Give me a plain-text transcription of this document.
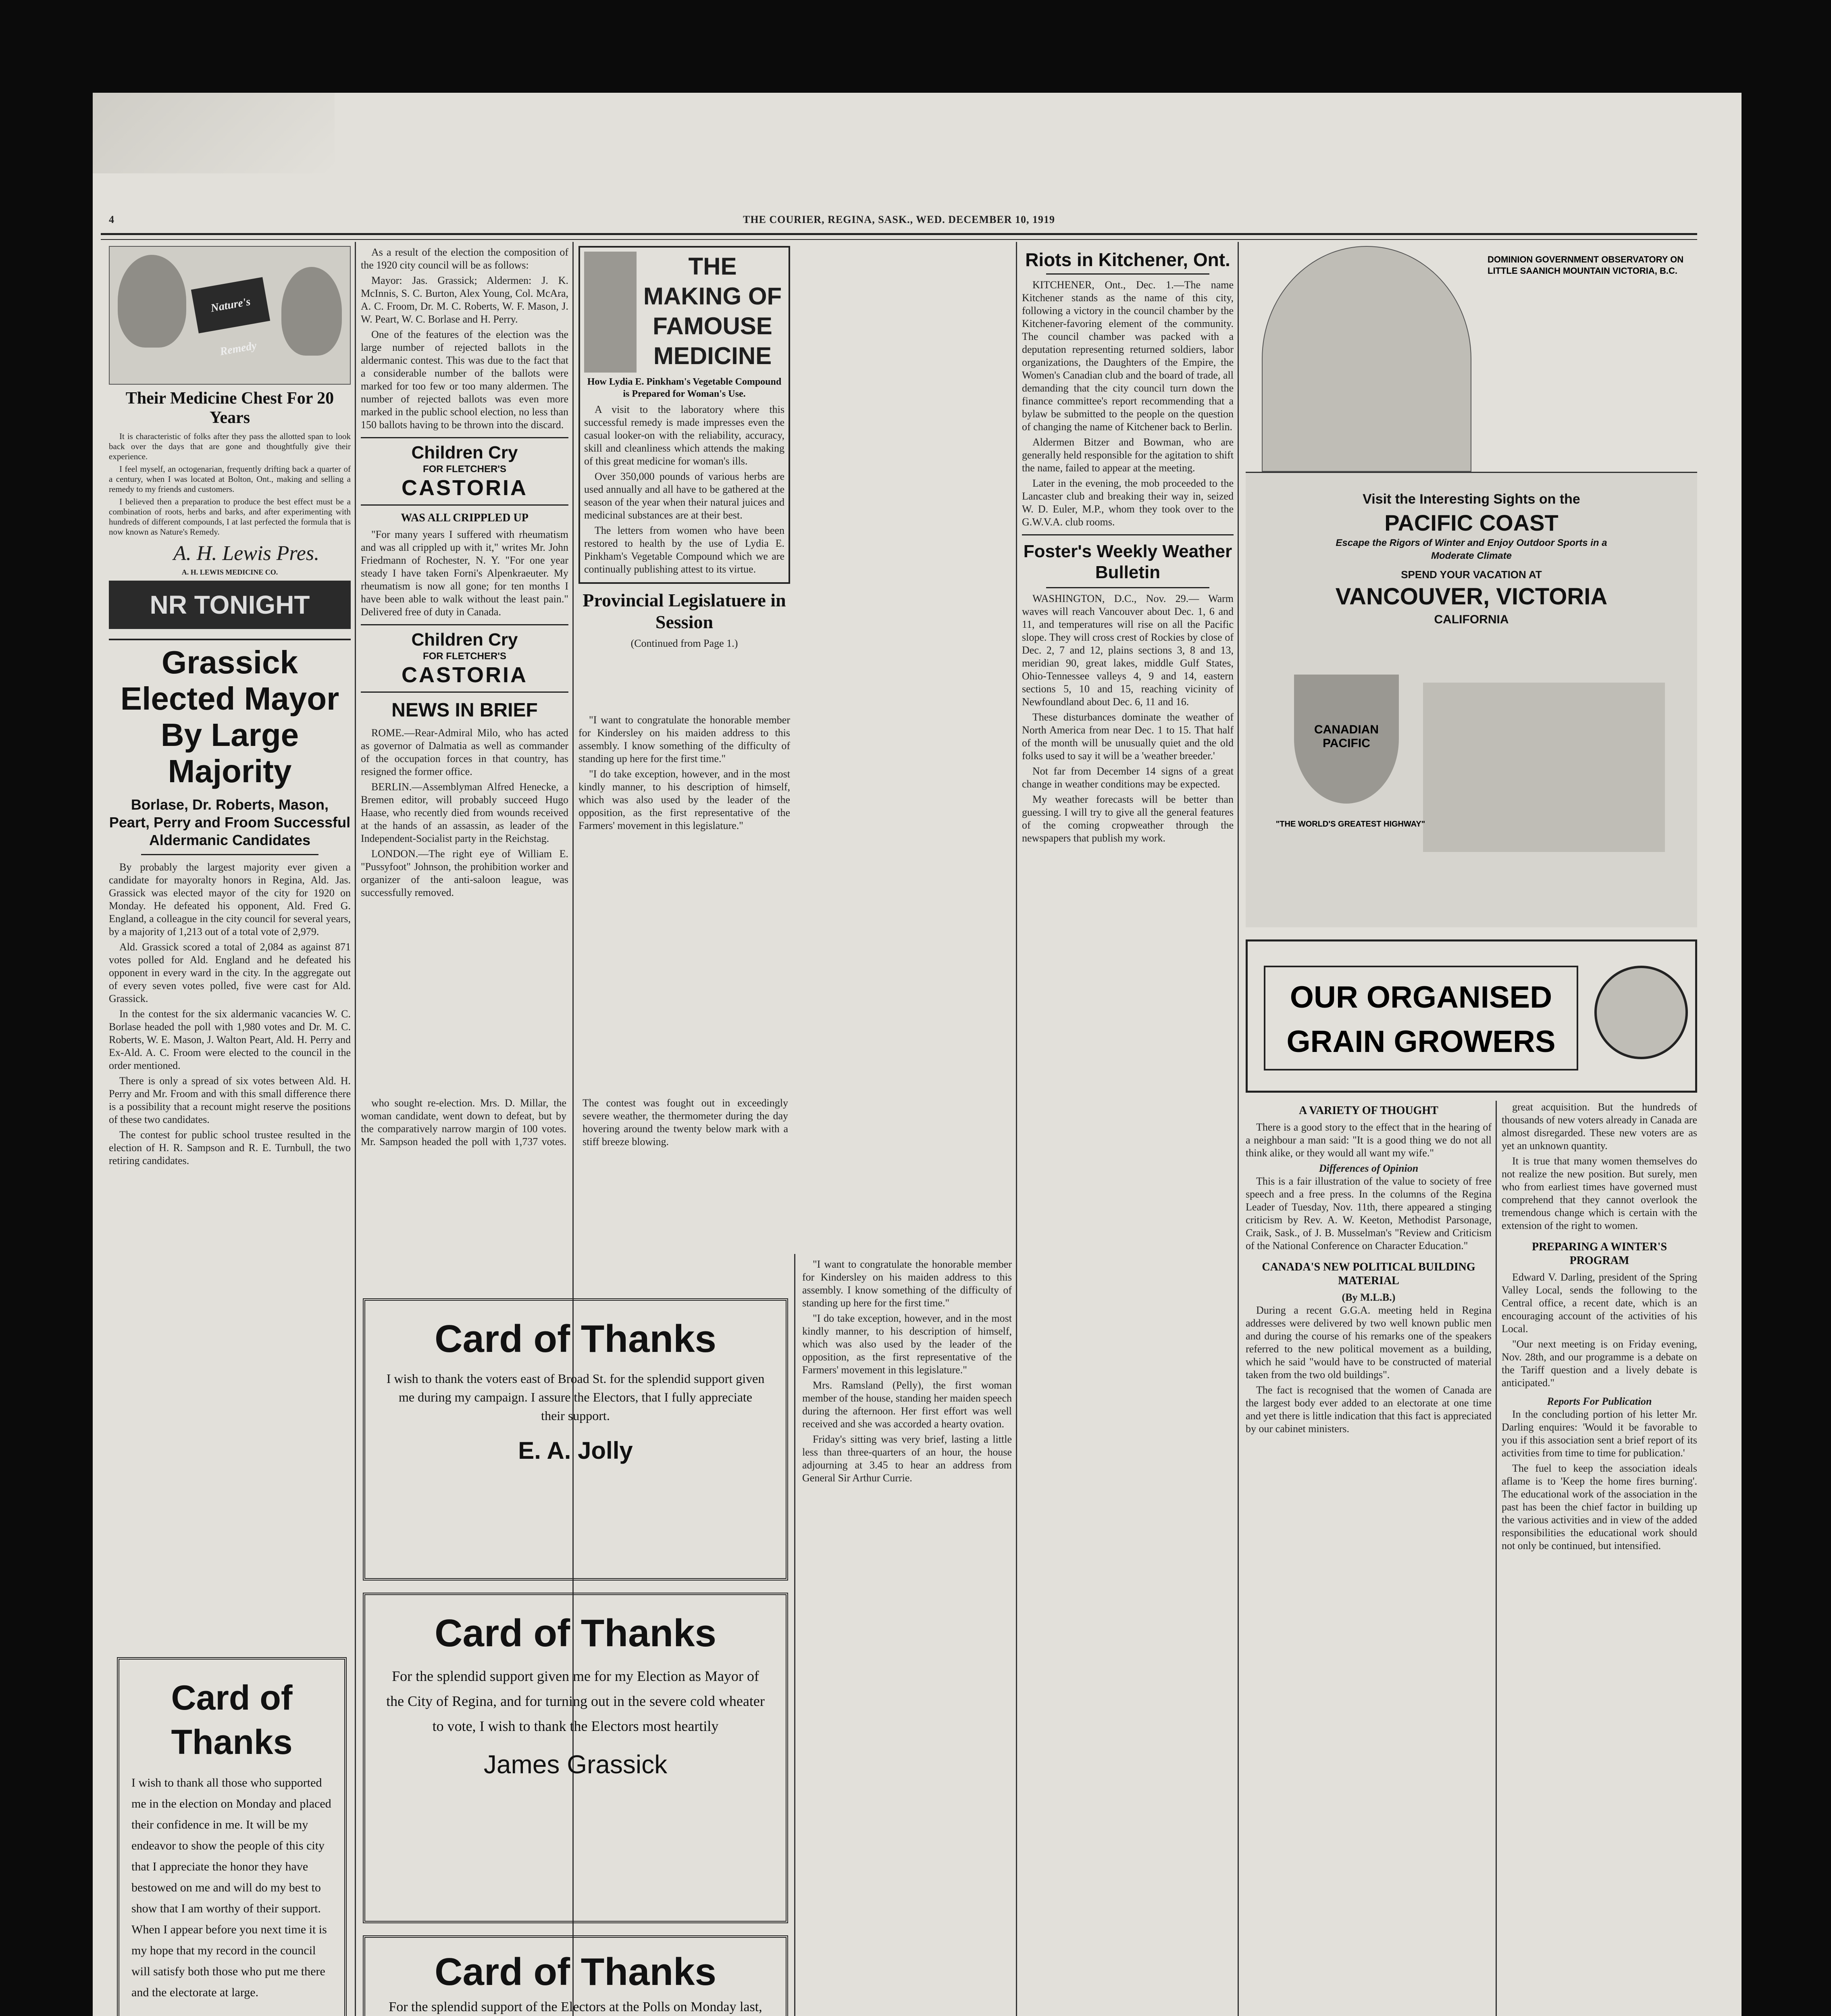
4	THE COURIER, REGINA, SASK., WED. DECEMBER 10, 1919
Nature's Remedy
Their Medicine Chest For 20 Years

It is characteristic of folks after they pass the allotted span to look back over the days that are gone and thoughtfully give their experience.

I feel myself, an octogenarian, frequently drifting back a quarter of a century, when I was located at Bolton, Ont., making and selling a remedy to my friends and customers.

I believed then a preparation to produce the best effect must be a combination of roots, herbs and barks, and after experimenting with hundreds of different compounds, I at last perfected the formula that is now known as Nature's Remedy.

A. H. Lewis Pres.
A. H. LEWIS MEDICINE CO.
NR TONIGHT
Grassick Elected Mayor By Large Majority
Borlase, Dr. Roberts, Mason, Peart, Perry and Froom Successful Aldermanic Candidates

By probably the largest majority ever given a candidate for mayoralty honors in Regina, Ald. Jas. Grassick was elected mayor of the city for 1920 on Monday. He defeated his opponent, Ald. Fred G. England, a colleague in the city council for several years, by a majority of 1,213 out of a total vote of 2,979.

Ald. Grassick scored a total of 2,084 as against 871 votes polled for Ald. England and he defeated his opponent in every ward in the city. In the aggregate out of every seven votes polled, five were cast for Ald. Grassick.

In the contest for the six aldermanic vacancies W. C. Borlase headed the poll with 1,980 votes and Dr. M. C. Roberts, W. E. Mason, J. Walton Peart, Ald. H. Perry and Ex-Ald. A. C. Froom were elected to the council in the order mentioned.

There is only a spread of six votes between Ald. H. Perry and Mr. Froom and with this small difference there is a possibility that a recount might reserve the positions of these two candidates.

The contest for public school trustee resulted in the election of H. R. Sampson and R. E. Turnbull, the two retiring candidates.

Card of Thanks
I wish to thank all those who supported me in the election on Monday and placed their confidence in me. It will be my endeavor to show the people of this city that I appreciate the honor they have bestowed on me and will do my best to show that I am worthy of their support. When I appear before you next time it is my hope that my record in the council will satisfy both those who put me there and the electorate at large.

As a result of the election the composition of the 1920 city council will be as follows:

Mayor: Jas. Grassick; Aldermen: J. K. McInnis, S. C. Burton, Alex Young, Col. McAra, A. C. Froom, Dr. M. C. Roberts, W. F. Mason, J. W. Peart, W. C. Borlase and H. Perry.

One of the features of the election was the large number of rejected ballots in the aldermanic contest. This was due to the fact that a considerable number of the ballots were marked for too few or too many aldermen. The number of rejected ballots was even more marked in the public school election, no less than 150 ballots having to be thrown into the discard.

Children Cry
FOR FLETCHER'S
CASTORIA
WAS ALL CRIPPLED UP

"For many years I suffered with rheumatism and was all crippled up with it," writes Mr. John Friedmann of Rochester, N. Y. "For one year steady I have taken Forni's Alpenkraeuter. My rheumatism is now all gone; for ten months I have been able to walk without the least pain." Delivered free of duty in Canada.

Children Cry
FOR FLETCHER'S
CASTORIA
NEWS IN BRIEF

ROME.—Rear-Admiral Milo, who has acted as governor of Dalmatia as well as commander of the occupation forces in that country, has resigned the former office.

BERLIN.—Assemblyman Alfred Henecke, a Bremen editor, will probably succeed Hugo Haase, who recently died from wounds received at the hands of an assassin, as leader of the Independent-Socialist party in the Reichstag.

LONDON.—The right eye of William E. "Pussyfoot" Johnson, the prohibition worker and organizer of the anti-saloon league, was successfully removed.

Card of Thanks
I wish to thank the voters east of Broad St. for the splendid support given me during my campaign. I assure the Electors, that I fully appreciate their support.
E. A. Jolly
Card of Thanks
For the splendid support given me for my Election as Mayor of the City of Regina, and for turning out in the severe cold wheater to vote, I wish to thank the Electors most heartily
James Grassick
Card of Thanks
For the splendid support of the Electors at the Polls on Monday last,

who sought re-election. Mrs. D. Millar, the woman candidate, went down to defeat, but by the comparatively narrow margin of 100 votes. Mr. Sampson headed the poll with 1,737 votes. The contest was fought out in exceedingly severe weather, the thermometer during the day hovering around the twenty below mark with a stiff breeze blowing.

THE MAKING OF FAMOUSE MEDICINE
How Lydia E. Pinkham's Vegetable Compound is Prepared for Woman's Use.

A visit to the laboratory where this successful remedy is made impresses even the casual looker-on with the reliability, accuracy, skill and cleanliness which attends the making of this great medicine for woman's ills.

Over 350,000 pounds of various herbs are used annually and all have to be gathered at the season of the year when their natural juices and medicinal substances are at their best.

The letters from women who have been restored to health by the use of Lydia E. Pinkham's Vegetable Compound which we are continually publishing attest to its virtue.

Provincial Legislatuere in Session
(Continued from Page 1.)

"I want to congratulate the honorable member for Kindersley on his maiden address to this assembly. I know something of the difficulty of standing up here for the first time."

"I do take exception, however, and in the most kindly manner, to his description of himself, which was also used by the leader of the opposition, as the first representative of the Farmers' movement in this legislature."

Mrs. Ramsland (Pelly), the first woman member of the house, standing her maiden speech during the afternoon. Her first effort was well received and she was accorded a hearty ovation.

Friday's sitting was very brief, lasting a little less than three-quarters of an hour, the house adjourning at 3.45 to hear an address from General Sir Arthur Currie.

"I want to congratulate the honorable member for Kindersley on his maiden address to this assembly. I know something of the difficulty of standing up here for the first time."

"I do take exception, however, and in the most kindly manner, to his description of himself, which was also used by the leader of the opposition, as the first representative of the Farmers' movement in this legislature."

Riots in Kitchener, Ont.

KITCHENER, Ont., Dec. 1.—The name Kitchener stands as the name of this city, following a victory in the council chamber by the Kitchener-favoring element of the community. The council chamber was packed with a deputation representing returned soldiers, labor organizations, the Daughters of the Empire, the Women's Canadian club and the board of trade, all demanding that the city council turn down the finance committee's report recommending that a bylaw be submitted to the people on the question of changing the name of Kitchener back to Berlin.

Aldermen Bitzer and Bowman, who are generally held responsible for the agitation to shift the name, failed to appear at the meeting.

Later in the evening, the mob proceeded to the Lancaster club and breaking their way in, seized W. D. Euler, M.P., whom they took over to the G.W.V.A. club rooms.

Foster's Weekly Weather Bulletin

WASHINGTON, D.C., Nov. 29.— Warm waves will reach Vancouver about Dec. 1, 6 and 11, and temperatures will rise on all the Pacific slope. They will cross crest of Rockies by close of Dec. 2, 7 and 12, plains sections 3, 8 and 13, meridian 90, great lakes, middle Gulf States, Ohio-Tennessee valleys 4, 9 and 14, eastern sections 5, 10 and 15, reaching vicinity of Newfoundland about Dec. 6, 11 and 16.

These disturbances dominate the weather of North America from near Dec. 1 to 15. That half of the month will be unusually quiet and the old folks used to say it will be a 'weather breeder.'

Not far from December 14 signs of a great change in weather conditions may be expected.

My weather forecasts will be better than guessing. I will try to give all the general features of the coming cropweather through the newspapers that publish my work.

DOMINION GOVERNMENT OBSERVATORY ON LITTLE SAANICH MOUNTAIN VICTORIA, B.C.
Visit the Interesting Sights on the
PACIFIC COAST
Escape the Rigors of Winter and Enjoy Outdoor Sports in a Moderate Climate
SPEND YOUR VACATION AT
VANCOUVER, VICTORIA
CALIFORNIA
CANADIAN PACIFIC
"THE WORLD'S GREATEST HIGHWAY"
OUR ORGANISED GRAIN GROWERS
A VARIETY OF THOUGHT

There is a good story to the effect that in the hearing of a neighbour a man said: "It is a good thing we do not all think alike, or they would all want my wife."

Differences of Opinion

This is a fair illustration of the value to society of free speech and a free press. In the columns of the Regina Leader of Tuesday, Nov. 11th, there appeared a stinging criticism by Rev. A. W. Keeton, Methodist Parsonage, Craik, Sask., of J. B. Musselman's "Review and Criticism of the National Conference on Character Education."

CANADA'S NEW POLITICAL BUILDING MATERIAL
(By M.L.B.)

During a recent G.G.A. meeting held in Regina addresses were delivered by two well known public men and during the course of his remarks one of the speakers referred to the new political movement as a building, which he said "would have to be constructed of material taken from the two old buildings".

The fact is recognised that the women of Canada are the largest body ever added to an electorate at one time and yet there is little indication that this fact is appreciated by our cabinet ministers.

great acquisition. But the hundreds of thousands of new voters already in Canada are almost disregarded. These new voters are as yet an unknown quantity.

It is true that many women themselves do not realize the new position. But surely, men who from earliest times have governed must comprehend that they cannot overlook the tremendous change which is certain with the extension of the right to women.

PREPARING A WINTER'S PROGRAM

Edward V. Darling, president of the Spring Valley Local, sends the following to the Central office, a recent date, which is an encouraging account of the activities of his Local.

"Our next meeting is on Friday evening, Nov. 28th, and our programme is a debate on the Tariff question and a lively debate is anticipated."

Reports For Publication

In the concluding portion of his letter Mr. Darling enquires: 'Would it be favorable to you if this association sent a brief report of its activities from time to time for publication.'

The fuel to keep the association ideals aflame is to 'Keep the home fires burning'. The educational work of the association in the past has been the chief factor in building up the various activities and in view of the added responsibilities the educational work should not only be continued, but intensified.
